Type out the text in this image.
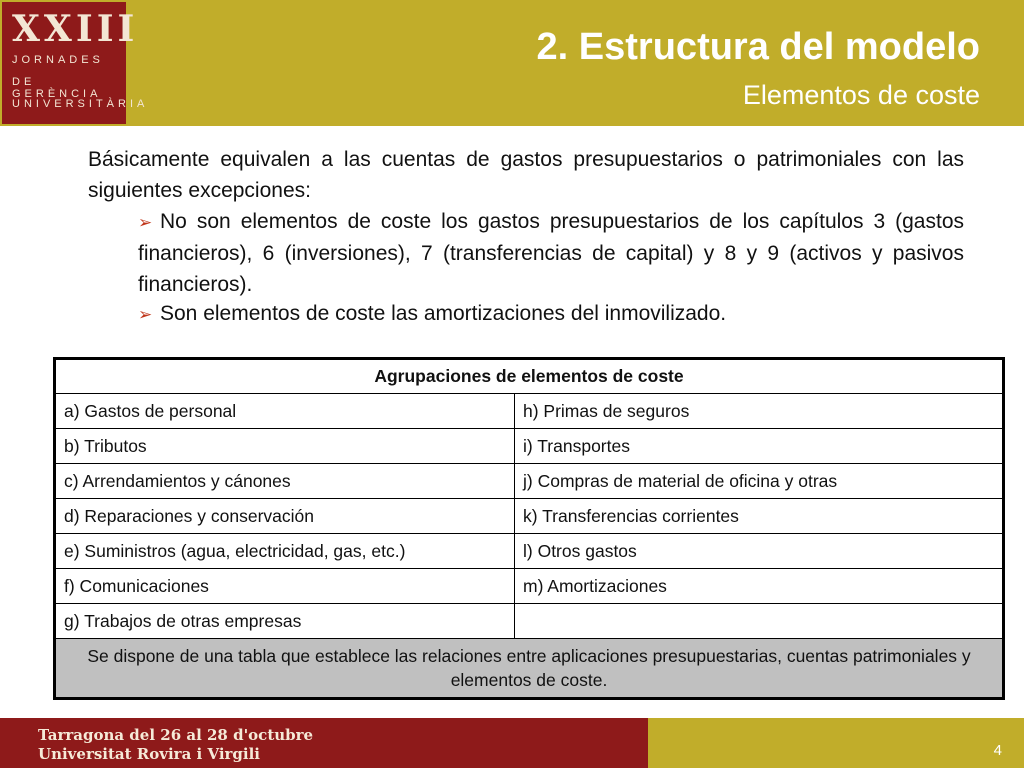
XXIII
JORNADES
DE GERÈNCIA
UNIVERSITÀRIA
2. Estructura del modelo
Elementos de coste
Básicamente equivalen a las cuentas de gastos presupuestarios o patrimoniales con las siguientes excepciones:
➢ No son elementos de coste los gastos presupuestarios de los capítulos 3 (gastos financieros), 6 (inversiones), 7 (transferencias de capital) y 8 y 9 (activos y pasivos financieros).
➢ Son elementos de coste las amortizaciones del inmovilizado.
Agrupaciones de elementos de coste	
a) Gastos de personal	h) Primas de seguros
b) Tributos	i) Transportes
c) Arrendamientos y cánones	j) Compras de material de oficina y otras
d) Reparaciones y conservación	k) Transferencias corrientes
e) Suministros (agua, electricidad, gas, etc.)	l) Otros gastos
f) Comunicaciones	m) Amortizaciones
g) Trabajos de otras empresas	
Se dispone de una tabla que establece las relaciones entre aplicaciones presupuestarias, cuentas patrimoniales y elementos de coste.	
Tarragona del 26 al 28 d'octubre
Universitat Rovira i Virgili	4
